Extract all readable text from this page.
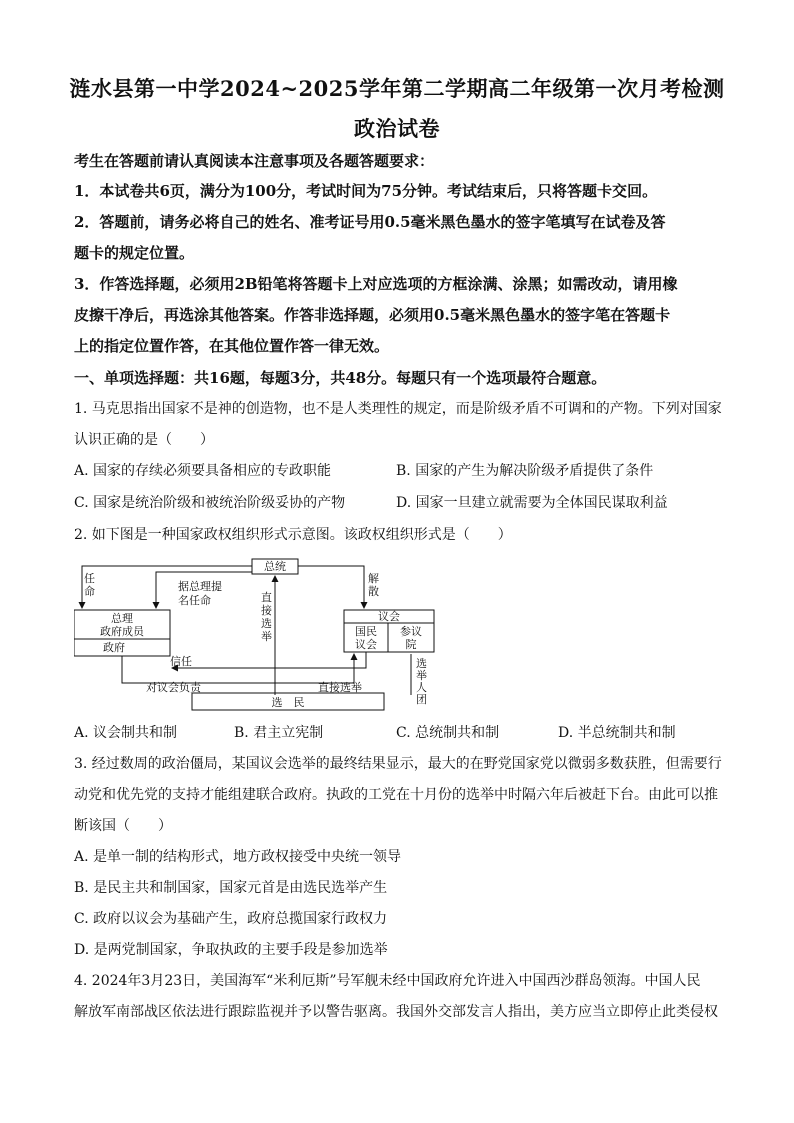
涟水县第一中学2024~2025学年第二学期高二年级第一次月考检测
政治试卷
考生在答题前请认真阅读本注意事项及各题答题要求：
1．本试卷共6页，满分为100分，考试时间为75分钟。考试结束后，只将答题卡交回。
2．答题前，请务必将自己的姓名、准考证号用0.5毫米黑色墨水的签字笔填写在试卷及答
题卡的规定位置。
3．作答选择题，必须用2B铅笔将答题卡上对应选项的方框涂满、涂黑；如需改动，请用橡
皮擦干净后，再选涂其他答案。作答非选择题，必须用0.5毫米黑色墨水的签字笔在答题卡
上的指定位置作答，在其他位置作答一律无效。
一、单项选择题：共16题，每题3分，共48分。每题只有一个选项最符合题意。
1. 马克思指出国家不是神的创造物，也不是人类理性的规定，而是阶级矛盾不可调和的产物。下列对国家
认识正确的是（　　）
A. 国家的存续必须要具备相应的专政职能	B. 国家的产生为解决阶级矛盾提供了条件
C. 国家是统治阶级和被统治阶级妥协的产物	D. 国家一旦建立就需要为全体国民谋取利益
2. 如下图是一种国家政权组织形式示意图。该政权组织形式是（　　）
总统
任
命	据总理提
名任命
解
散
总理
政府成员
政府
直
接
选
举
议会
国民
议会
参议
院
信任
对议会负责	直接选举
选
举
人
团
选　民
A. 议会制共和制	B. 君主立宪制	C. 总统制共和制	D. 半总统制共和制
3. 经过数周的政治僵局，某国议会选举的最终结果显示，最大的在野党国家党以微弱多数获胜，但需要行
动党和优先党的支持才能组建联合政府。执政的工党在十月份的选举中时隔六年后被赶下台。由此可以推
断该国（　　）
A. 是单一制的结构形式，地方政权接受中央统一领导
B. 是民主共和制国家，国家元首是由选民选举产生
C. 政府以议会为基础产生，政府总揽国家行政权力
D. 是两党制国家，争取执政的主要手段是参加选举
4. 2024年3月23日，美国海军“米利厄斯”号军舰未经中国政府允许进入中国西沙群岛领海。中国人民
解放军南部战区依法进行跟踪监视并予以警告驱离。我国外交部发言人指出，美方应当立即停止此类侵权
